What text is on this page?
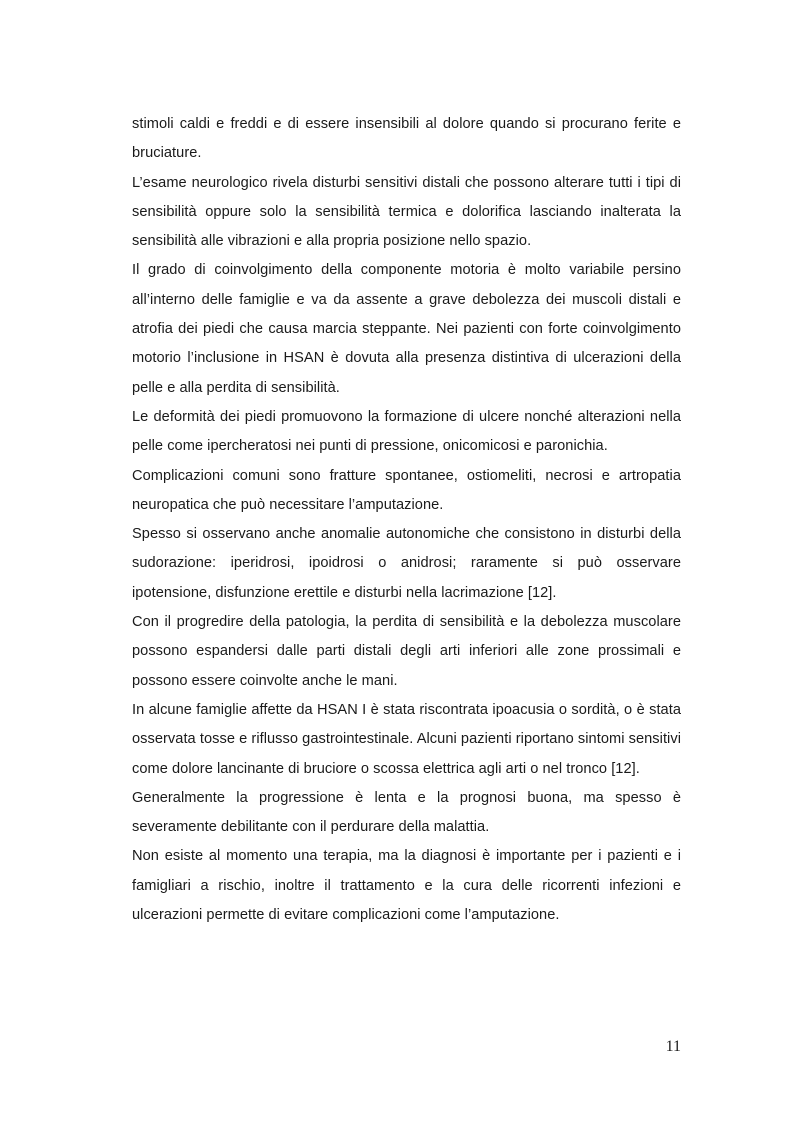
stimoli caldi e freddi e di essere insensibili al dolore quando si procurano ferite e bruciature.

L’esame neurologico rivela disturbi sensitivi distali che possono alterare tutti i tipi di sensibilità oppure solo la sensibilità termica e dolorifica lasciando inalterata la sensibilità alle vibrazioni e alla propria posizione nello spazio.

Il grado di coinvolgimento della componente motoria è molto variabile persino all’interno delle famiglie e va da assente a grave debolezza dei muscoli distali e atrofia dei piedi che causa marcia steppante. Nei pazienti con forte coinvolgimento motorio l’inclusione in HSAN è dovuta alla presenza distintiva di ulcerazioni della pelle e alla perdita di sensibilità.

Le deformità dei piedi promuovono la formazione di ulcere nonché alterazioni nella pelle come ipercheratosi nei punti di pressione, onicomicosi e paronichia.

Complicazioni comuni sono fratture spontanee, ostiomeliti, necrosi e artropatia neuropatica che può necessitare l’amputazione.

Spesso si osservano anche anomalie autonomiche che consistono in disturbi della sudorazione: iperidrosi, ipoidrosi o anidrosi; raramente si può osservare ipotensione, disfunzione erettile e disturbi nella lacrimazione [12].

Con il progredire della patologia, la perdita di sensibilità e la debolezza muscolare possono espandersi dalle parti distali degli arti inferiori alle zone prossimali e possono essere coinvolte anche le mani.

In alcune famiglie affette da HSAN I è stata riscontrata ipoacusia o sordità, o è stata osservata tosse e riflusso gastrointestinale. Alcuni pazienti riportano sintomi sensitivi come dolore lancinante di bruciore o scossa elettrica agli arti o nel tronco [12].

Generalmente la progressione è lenta e la prognosi buona, ma spesso è severamente debilitante con il perdurare della malattia.

Non esiste al momento una terapia, ma la diagnosi è importante per i pazienti e i famigliari a rischio, inoltre il trattamento e la cura delle ricorrenti infezioni e ulcerazioni permette di evitare complicazioni come l’amputazione.

11
